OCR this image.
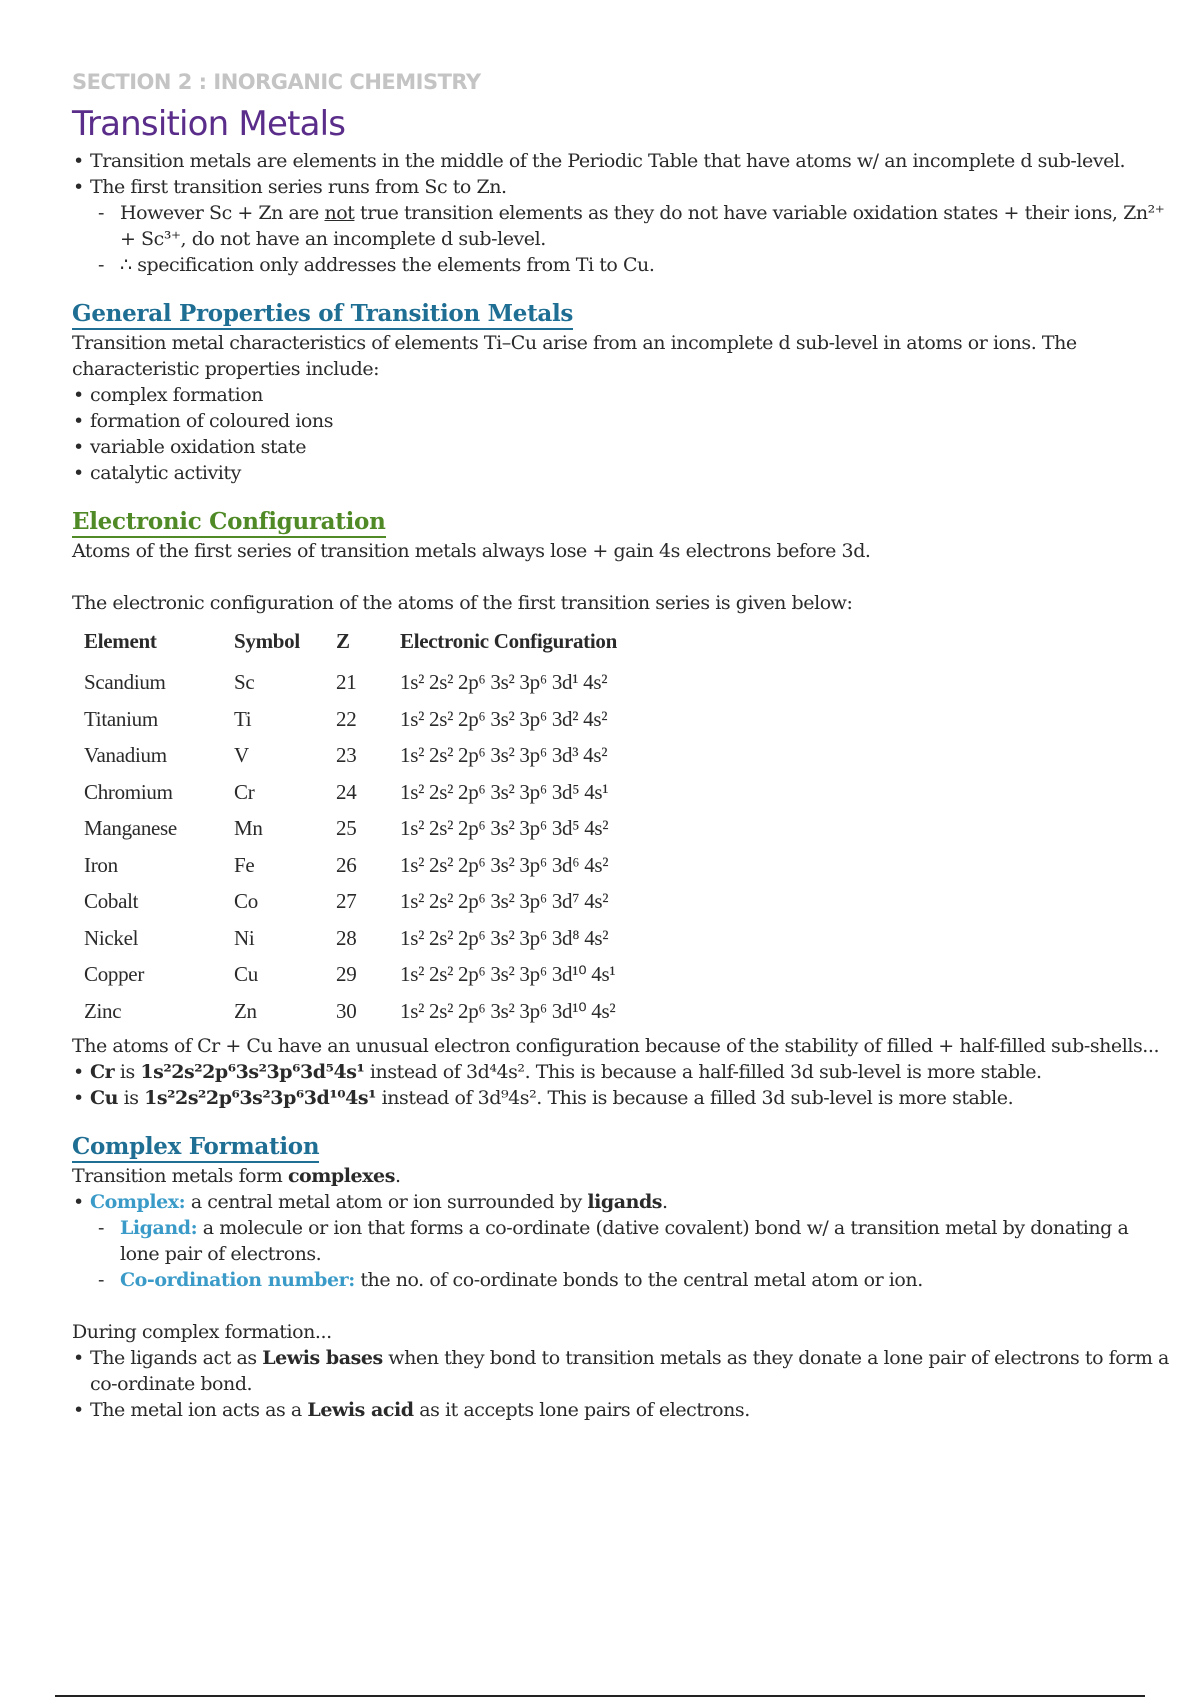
SECTION 2 : INORGANIC CHEMISTRY

Transition Metals
• Transition metals are elements in the middle of the Periodic Table that have atoms w/ an incomplete d sub-level.
• The first transition series runs from Sc to Zn.
- However Sc + Zn are not true transition elements as they do not have variable oxidation states + their ions, Zn²⁺ + Sc³⁺, do not have an incomplete d sub-level.
- ∴ specification only addresses the elements from Ti to Cu.
General Properties of Transition Metals

Transition metal characteristics of elements Ti–Cu arise from an incomplete d sub-level in atoms or ions. The characteristic properties include:

• complex formation
• formation of coloured ions
• variable oxidation state
• catalytic activity
Electronic Configuration

Atoms of the first series of transition metals always lose + gain 4s electrons before 3d.

The electronic configuration of the atoms of the first transition series is given below:

Element	Symbol	Z	Electronic Configuration
Scandium	Sc	21	1s² 2s² 2p⁶ 3s² 3p⁶ 3d¹ 4s²
Titanium	Ti	22	1s² 2s² 2p⁶ 3s² 3p⁶ 3d² 4s²
Vanadium	V	23	1s² 2s² 2p⁶ 3s² 3p⁶ 3d³ 4s²
Chromium	Cr	24	1s² 2s² 2p⁶ 3s² 3p⁶ 3d⁵ 4s¹
Manganese	Mn	25	1s² 2s² 2p⁶ 3s² 3p⁶ 3d⁵ 4s²
Iron	Fe	26	1s² 2s² 2p⁶ 3s² 3p⁶ 3d⁶ 4s²
Cobalt	Co	27	1s² 2s² 2p⁶ 3s² 3p⁶ 3d⁷ 4s²
Nickel	Ni	28	1s² 2s² 2p⁶ 3s² 3p⁶ 3d⁸ 4s²
Copper	Cu	29	1s² 2s² 2p⁶ 3s² 3p⁶ 3d¹⁰ 4s¹
Zinc	Zn	30	1s² 2s² 2p⁶ 3s² 3p⁶ 3d¹⁰ 4s²

The atoms of Cr + Cu have an unusual electron configuration because of the stability of filled + half-filled sub-shells...

• Cr is 1s²2s²2p⁶3s²3p⁶3d⁵4s¹ instead of 3d⁴4s². This is because a half-filled 3d sub-level is more stable.
• Cu is 1s²2s²2p⁶3s²3p⁶3d¹⁰4s¹ instead of 3d⁹4s². This is because a filled 3d sub-level is more stable.
Complex Formation

Transition metals form complexes.

• Complex: a central metal atom or ion surrounded by ligands.
- Ligand: a molecule or ion that forms a co-ordinate (dative covalent) bond w/ a transition metal by donating a lone pair of electrons.
- Co-ordination number: the no. of co-ordinate bonds to the central metal atom or ion.

During complex formation...

• The ligands act as Lewis bases when they bond to transition metals as they donate a lone pair of electrons to form a co-ordinate bond.
• The metal ion acts as a Lewis acid as it accepts lone pairs of electrons.
